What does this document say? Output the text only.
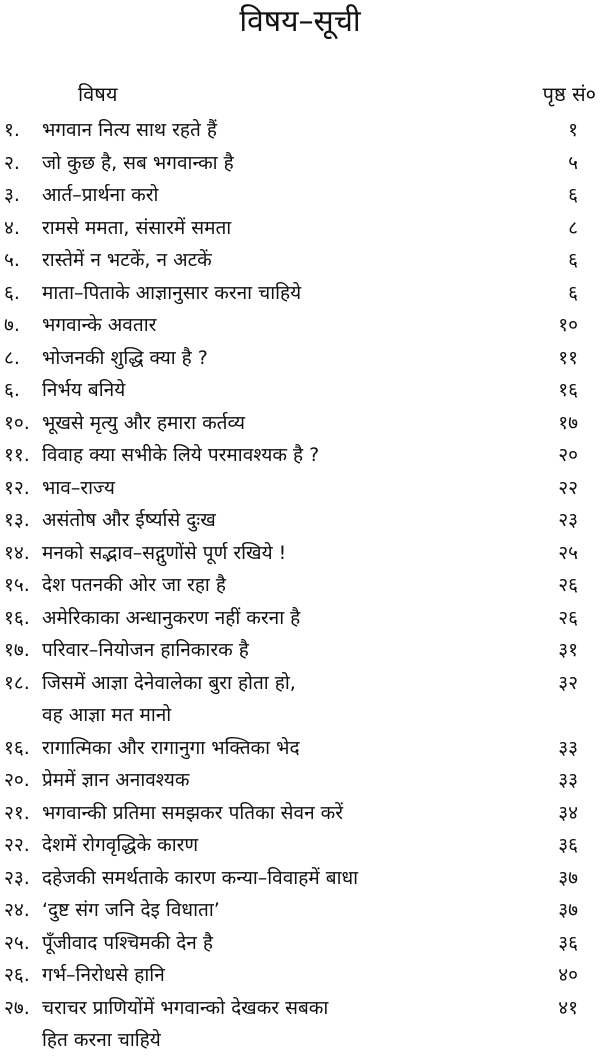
विषय–सूची
विषय	पृष्ठ सं०
१. भगवान नित्य साथ रहते हैं	१
२. जो कुछ है, सब भगवान्का है	५
३. आर्त–प्रार्थना करो	६
४. रामसे ममता, संसारमें समता	८
५. रास्तेमें न भटकें, न अटकें	६
६. माता–पिताके आज्ञानुसार करना चाहिये	६
७. भगवान्के अवतार	१०
८. भोजनकी शुद्धि क्या है ?	११
६. निर्भय बनिये	१६
१०. भूखसे मृत्यु और हमारा कर्तव्य	१७
११. विवाह क्या सभीके लिये परमावश्यक है ?	२०
१२. भाव–राज्य	२२
१३. असंतोष और ईर्ष्यासे दुःख	२३
१४. मनको सद्भाव–सद्गुणोंसे पूर्ण रखिये !	२५
१५. देश पतनकी ओर जा रहा है	२६
१६. अमेरिकाका अन्धानुकरण नहीं करना है	२६
१७. परिवार–नियोजन हानिकारक है	३१
१८. जिसमें आज्ञा देनेवालेका बुरा होता हो,	३२
वह आज्ञा मत मानो
१६. रागात्मिका और रागानुगा भक्तिका भेद	३३
२०. प्रेममें ज्ञान अनावश्यक	३३
२१. भगवान्की प्रतिमा समझकर पतिका सेवन करें	३४
२२. देशमें रोगवृद्धिके कारण	३६
२३. दहेजकी समर्थताके कारण कन्या–विवाहमें बाधा	३७
२४. ‘दुष्ट संग जनि देइ विधाता’	३७
२५. पूँजीवाद पश्चिमकी देन है	३६
२६. गर्भ–निरोधसे हानि	४०
२७. चराचर प्राणियोंमें भगवान्को देखकर सबका	४१
हित करना चाहिये
